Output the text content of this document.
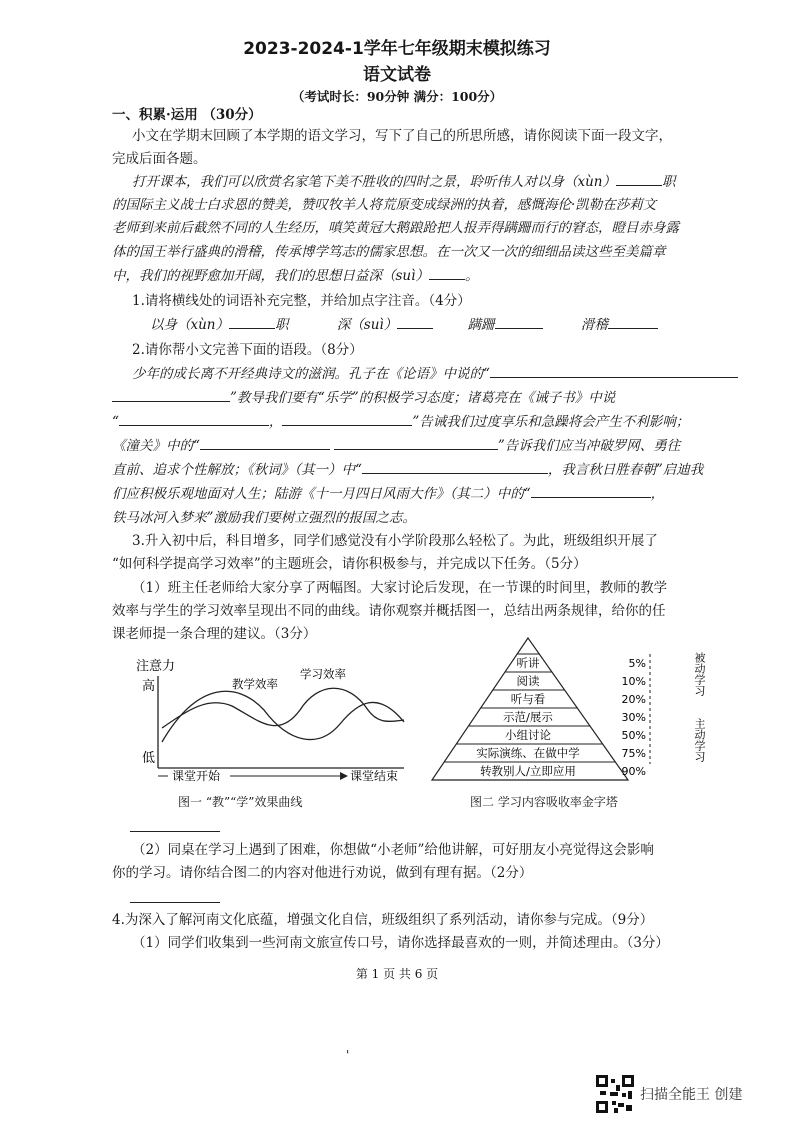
2023-2024-1学年七年级期末模拟练习
语文试卷
（考试时长：90分钟 满分：100分）
一、积累·运用 （30分）
小文在学期末回顾了本学期的语文学习，写下了自己的所思所感，请你阅读下面一段文字，
完成后面各题。
打开课本，我们可以欣赏名家笔下美不胜收的四时之景，聆听伟人对以身（xùn）	职
的国际主义战士白求恩的赞美，赞叹牧羊人将荒原变成绿洲的执着，感慨海伦·凯勒在莎莉文
老师到来前后截然不同的人生经历，嗔笑黄冠大鹅踉跄把人报弄得蹒跚而行的窘态，瞪目赤身露
体的国王举行盛典的滑稽，传承博学笃志的儒家思想。在一次又一次的细细品读这些至美篇章
中，我们的视野愈加开阔，我们的思想日益深（suì）	。
1.请将横线处的词语补充完整，并给加点字注音。（4分）
以身（xùn）	职	深（suì）	蹒跚	滑稽
2.请你帮小文完善下面的语段。（8分）
少年的成长离不开经典诗文的滋润。孔子在《论语》中说的“
”教导我们要有“乐学”的积极学习态度；诸葛亮在《诫子书》中说
“	，	”告诫我们过度享乐和急躁将会产生不利影响；
《潼关》中的“	”告诉我们应当冲破罗网、勇往
直前、追求个性解放；《秋词》（其一）中“	，我言秋日胜春朝”启迪我
们应积极乐观地面对人生；陆游《十一月四日风雨大作》（其二）中的“	，
铁马冰河入梦来”激励我们要树立强烈的报国之志。
3.升入初中后，科目增多，同学们感觉没有小学阶段那么轻松了。为此，班级组织开展了
“如何科学提高学习效率”的主题班会，请你积极参与，并完成以下任务。（5分）
（1）班主任老师给大家分享了两幅图。大家讨论后发现，在一节课的时间里，教师的教学
效率与学生的学习效率呈现出不同的曲线。请你观察并概括图一，总结出两条规律，给你的任
课老师提一条合理的建议。（3分）
注意力
高
低
教学效率
学习效率
课堂开始	课堂结束
图一 “教”“学”效果曲线
听讲
阅读
听与看
示范/展示
小组讨论
实际演练、在做中学
转教别人/立即应用
5%
10%
20%
30%
50%
75%
90%
被动学习
主动学习
图二 学习内容吸收率金字塔
（2）同桌在学习上遇到了困难，你想做“小老师”给他讲解，可好朋友小亮觉得这会影响
你的学习。请你结合图二的内容对他进行劝说，做到有理有据。（2分）
4.为深入了解河南文化底蕴，增强文化自信，班级组织了系列活动，请你参与完成。（9分）
（1）同学们收集到一些河南文旅宣传口号，请你选择最喜欢的一则，并简述理由。（3分）
第 1 页 共 6 页
'
扫描全能王 创建
